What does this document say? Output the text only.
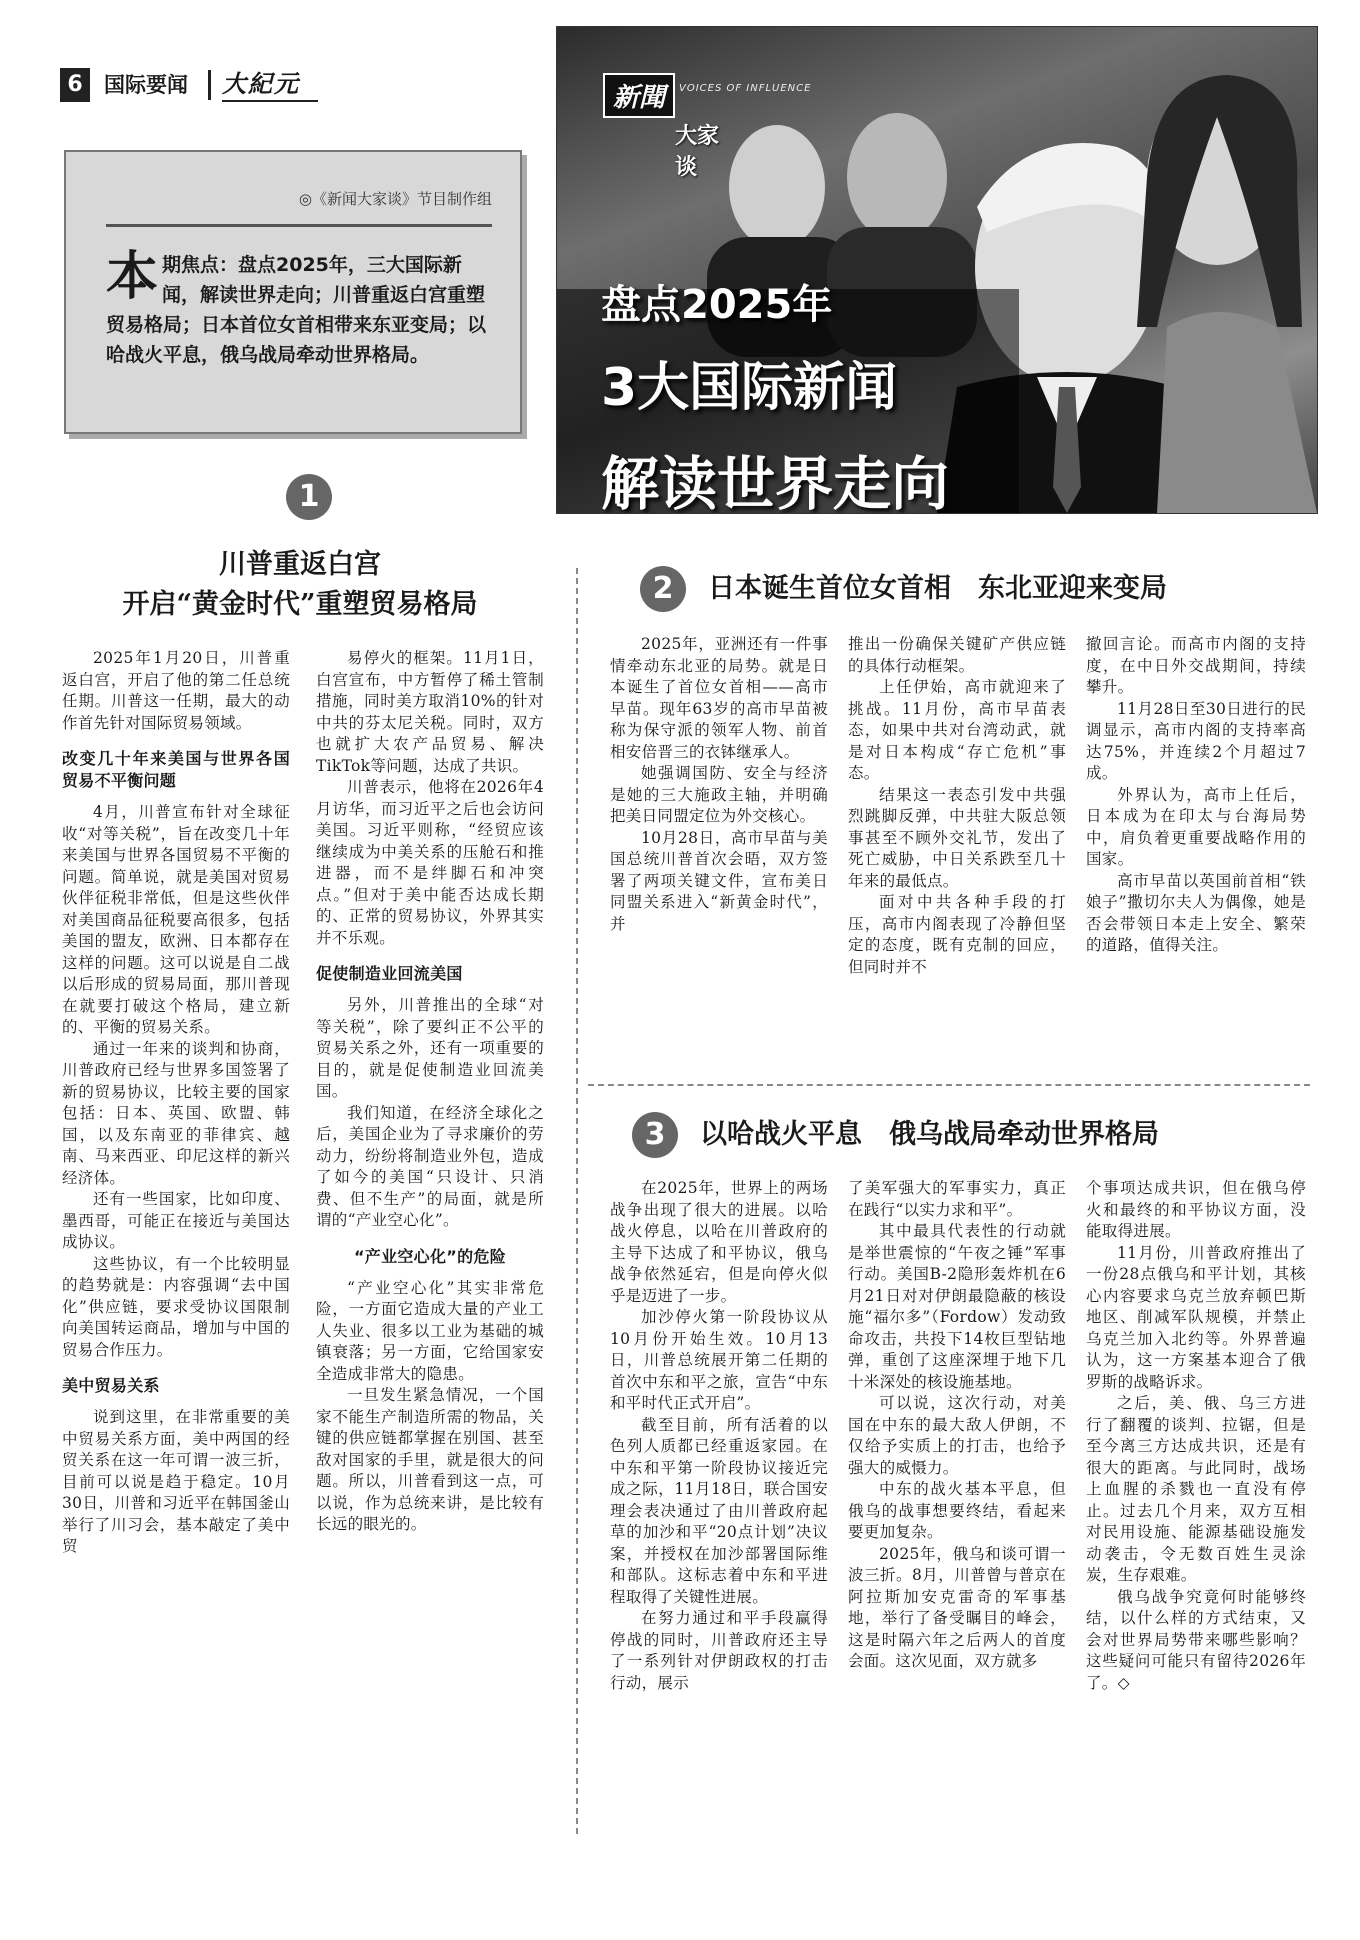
6	国际要闻 大紀元
◎《新闻大家谈》节目制作组
本期焦点：盘点2025年，三大国际新闻，解读世界走向；川普重返白宫重塑贸易格局；日本首位女首相带来东亚变局；以哈战火平息，俄乌战局牵动世界格局。
新聞	VOICES OF INFLUENCE
大家谈
盘点2025年
3大国际新闻
解读世界走向
1
川普重返白宫
开启“黄金时代”重塑贸易格局

2025年1月20日，川普重返白宫，开启了他的第二任总统任期。川普这一任期，最大的动作首先针对国际贸易领域。

改变几十年来美国与世界各国贸易不平衡问题

4月，川普宣布针对全球征收“对等关税”，旨在改变几十年来美国与世界各国贸易不平衡的问题。简单说，就是美国对贸易伙伴征税非常低，但是这些伙伴对美国商品征税要高很多，包括美国的盟友，欧洲、日本都存在这样的问题。这可以说是自二战以后形成的贸易局面，那川普现在就要打破这个格局，建立新的、平衡的贸易关系。

通过一年来的谈判和协商，川普政府已经与世界多国签署了新的贸易协议，比较主要的国家包括：日本、英国、欧盟、韩国，以及东南亚的菲律宾、越南、马来西亚、印尼这样的新兴经济体。

还有一些国家，比如印度、墨西哥，可能正在接近与美国达成协议。

这些协议，有一个比较明显的趋势就是：内容强调“去中国化”供应链，要求受协议国限制向美国转运商品，增加与中国的贸易合作压力。

美中贸易关系

说到这里，在非常重要的美中贸易关系方面，美中两国的经贸关系在这一年可谓一波三折，目前可以说是趋于稳定。10月30日，川普和习近平在韩国釜山举行了川习会，基本敲定了美中贸

易停火的框架。11月1日，白宫宣布，中方暂停了稀土管制措施，同时美方取消10%的针对中共的芬太尼关税。同时，双方也就扩大农产品贸易、解决TikTok等问题，达成了共识。

川普表示，他将在2026年4月访华，而习近平之后也会访问美国。习近平则称，“经贸应该继续成为中美关系的压舱石和推进器，而不是绊脚石和冲突点。”但对于美中能否达成长期的、正常的贸易协议，外界其实并不乐观。

促使制造业回流美国

另外，川普推出的全球“对等关税”，除了要纠正不公平的贸易关系之外，还有一项重要的目的，就是促使制造业回流美国。

我们知道，在经济全球化之后，美国企业为了寻求廉价的劳动力，纷纷将制造业外包，造成了如今的美国“只设计、只消费、但不生产”的局面，就是所谓的“产业空心化”。

“产业空心化”的危险

“产业空心化”其实非常危险，一方面它造成大量的产业工人失业、很多以工业为基础的城镇衰落；另一方面，它给国家安全造成非常大的隐患。

一旦发生紧急情况，一个国家不能生产制造所需的物品，关键的供应链都掌握在别国、甚至敌对国家的手里，就是很大的问题。所以，川普看到这一点，可以说，作为总统来讲，是比较有长远的眼光的。

2	日本诞生首位女首相　东北亚迎来变局

2025年，亚洲还有一件事情牵动东北亚的局势。就是日本诞生了首位女首相——高市早苗。现年63岁的高市早苗被称为保守派的领军人物、前首相安倍晋三的衣钵继承人。

她强调国防、安全与经济是她的三大施政主轴，并明确把美日同盟定位为外交核心。

10月28日，高市早苗与美国总统川普首次会晤，双方签署了两项关键文件，宣布美日同盟关系进入“新黄金时代”，并

推出一份确保关键矿产供应链的具体行动框架。

上任伊始，高市就迎来了挑战。11月份，高市早苗表态，如果中共对台湾动武，就是对日本构成“存亡危机”事态。

结果这一表态引发中共强烈跳脚反弹，中共驻大阪总领事甚至不顾外交礼节，发出了死亡威胁，中日关系跌至几十年来的最低点。

面对中共各种手段的打压，高市内阁表现了冷静但坚定的态度，既有克制的回应，但同时并不

撤回言论。而高市内阁的支持度，在中日外交战期间，持续攀升。

11月28日至30日进行的民调显示，高市内阁的支持率高达75%，并连续2个月超过7成。

外界认为，高市上任后，日本成为在印太与台海局势中，肩负着更重要战略作用的国家。

高市早苗以英国前首相“铁娘子”撒切尔夫人为偶像，她是否会带领日本走上安全、繁荣的道路，值得关注。

3	以哈战火平息　俄乌战局牵动世界格局

在2025年，世界上的两场战争出现了很大的进展。以哈战火停息，以哈在川普政府的主导下达成了和平协议，俄乌战争依然延宕，但是向停火似乎是迈进了一步。

加沙停火第一阶段协议从10月份开始生效。10月13日，川普总统展开第二任期的首次中东和平之旅，宣告“中东和平时代正式开启”。

截至目前，所有活着的以色列人质都已经重返家园。在中东和平第一阶段协议接近完成之际，11月18日，联合国安理会表决通过了由川普政府起草的加沙和平“20点计划”决议案，并授权在加沙部署国际维和部队。这标志着中东和平进程取得了关键性进展。

在努力通过和平手段赢得停战的同时，川普政府还主导了一系列针对伊朗政权的打击行动，展示

了美军强大的军事实力，真正在践行“以实力求和平”。

其中最具代表性的行动就是举世震惊的“午夜之锤”军事行动。美国B-2隐形轰炸机在6月21日对对伊朗最隐蔽的核设施“福尔多”（Fordow）发动致命攻击，共投下14枚巨型钻地弹，重创了这座深埋于地下几十米深处的核设施基地。

可以说，这次行动，对美国在中东的最大敌人伊朗，不仅给予实质上的打击，也给予强大的威慑力。

中东的战火基本平息，但俄乌的战事想要终结，看起来要更加复杂。

2025年，俄乌和谈可谓一波三折。8月，川普曾与普京在阿拉斯加安克雷奇的军事基地，举行了备受瞩目的峰会，这是时隔六年之后两人的首度会面。这次见面，双方就多

个事项达成共识，但在俄乌停火和最终的和平协议方面，没能取得进展。

11月份，川普政府推出了一份28点俄乌和平计划，其核心内容要求乌克兰放弃顿巴斯地区、削减军队规模，并禁止乌克兰加入北约等。外界普遍认为，这一方案基本迎合了俄罗斯的战略诉求。

之后，美、俄、乌三方进行了翻覆的谈判、拉锯，但是至今离三方达成共识，还是有很大的距离。与此同时，战场上血腥的杀戮也一直没有停止。过去几个月来，双方互相对民用设施、能源基础设施发动袭击，令无数百姓生灵涂炭，生存艰难。

俄乌战争究竟何时能够终结，以什么样的方式结束，又会对世界局势带来哪些影响？这些疑问可能只有留待2026年了。◇
